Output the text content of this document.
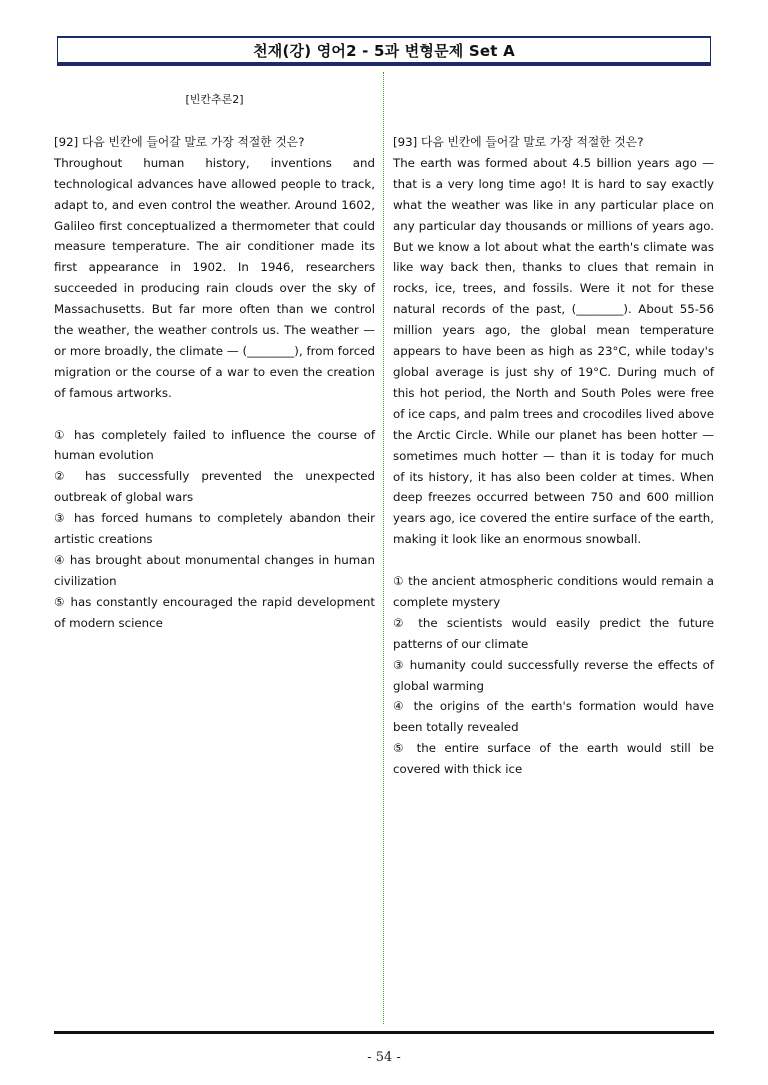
천재(강) 영어2 - 5과 변형문제 Set A

[빈칸추론2]

[92] 다음 빈칸에 들어갈 말로 가장 적절한 것은?

Throughout human history, inventions and technological advances have allowed people to track, adapt to, and even control the weather. Around 1602, Galileo first conceptualized a thermometer that could measure temperature. The air conditioner made its first appearance in 1902. In 1946, researchers succeeded in producing rain clouds over the sky of Massachusetts. But far more often than we control the weather, the weather controls us. The weather — or more broadly, the climate — (________), from forced migration or the course of a war to even the creation of famous artworks.

① has completely failed to influence the course of human evolution
② has successfully prevented the unexpected outbreak of global wars
③ has forced humans to completely abandon their artistic creations
④ has brought about monumental changes in human civilization
⑤ has constantly encouraged the rapid development of modern science

[93] 다음 빈칸에 들어갈 말로 가장 적절한 것은?

The earth was formed about 4.5 billion years ago — that is a very long time ago! It is hard to say exactly what the weather was like in any particular place on any particular day thousands or millions of years ago. But we know a lot about what the earth's climate was like way back then, thanks to clues that remain in rocks, ice, trees, and fossils. Were it not for these natural records of the past, (________). About 55-56 million years ago, the global mean temperature appears to have been as high as 23°C, while today's global average is just shy of 19°C. During much of this hot period, the North and South Poles were free of ice caps, and palm trees and crocodiles lived above the Arctic Circle. While our planet has been hotter — sometimes much hotter — than it is today for much of its history, it has also been colder at times. When deep freezes occurred between 750 and 600 million years ago, ice covered the entire surface of the earth, making it look like an enormous snowball.

① the ancient atmospheric conditions would remain a complete mystery
② the scientists would easily predict the future patterns of our climate
③ humanity could successfully reverse the effects of global warming
④ the origins of the earth's formation would have been totally revealed
⑤ the entire surface of the earth would still be covered with thick ice
- 54 -
